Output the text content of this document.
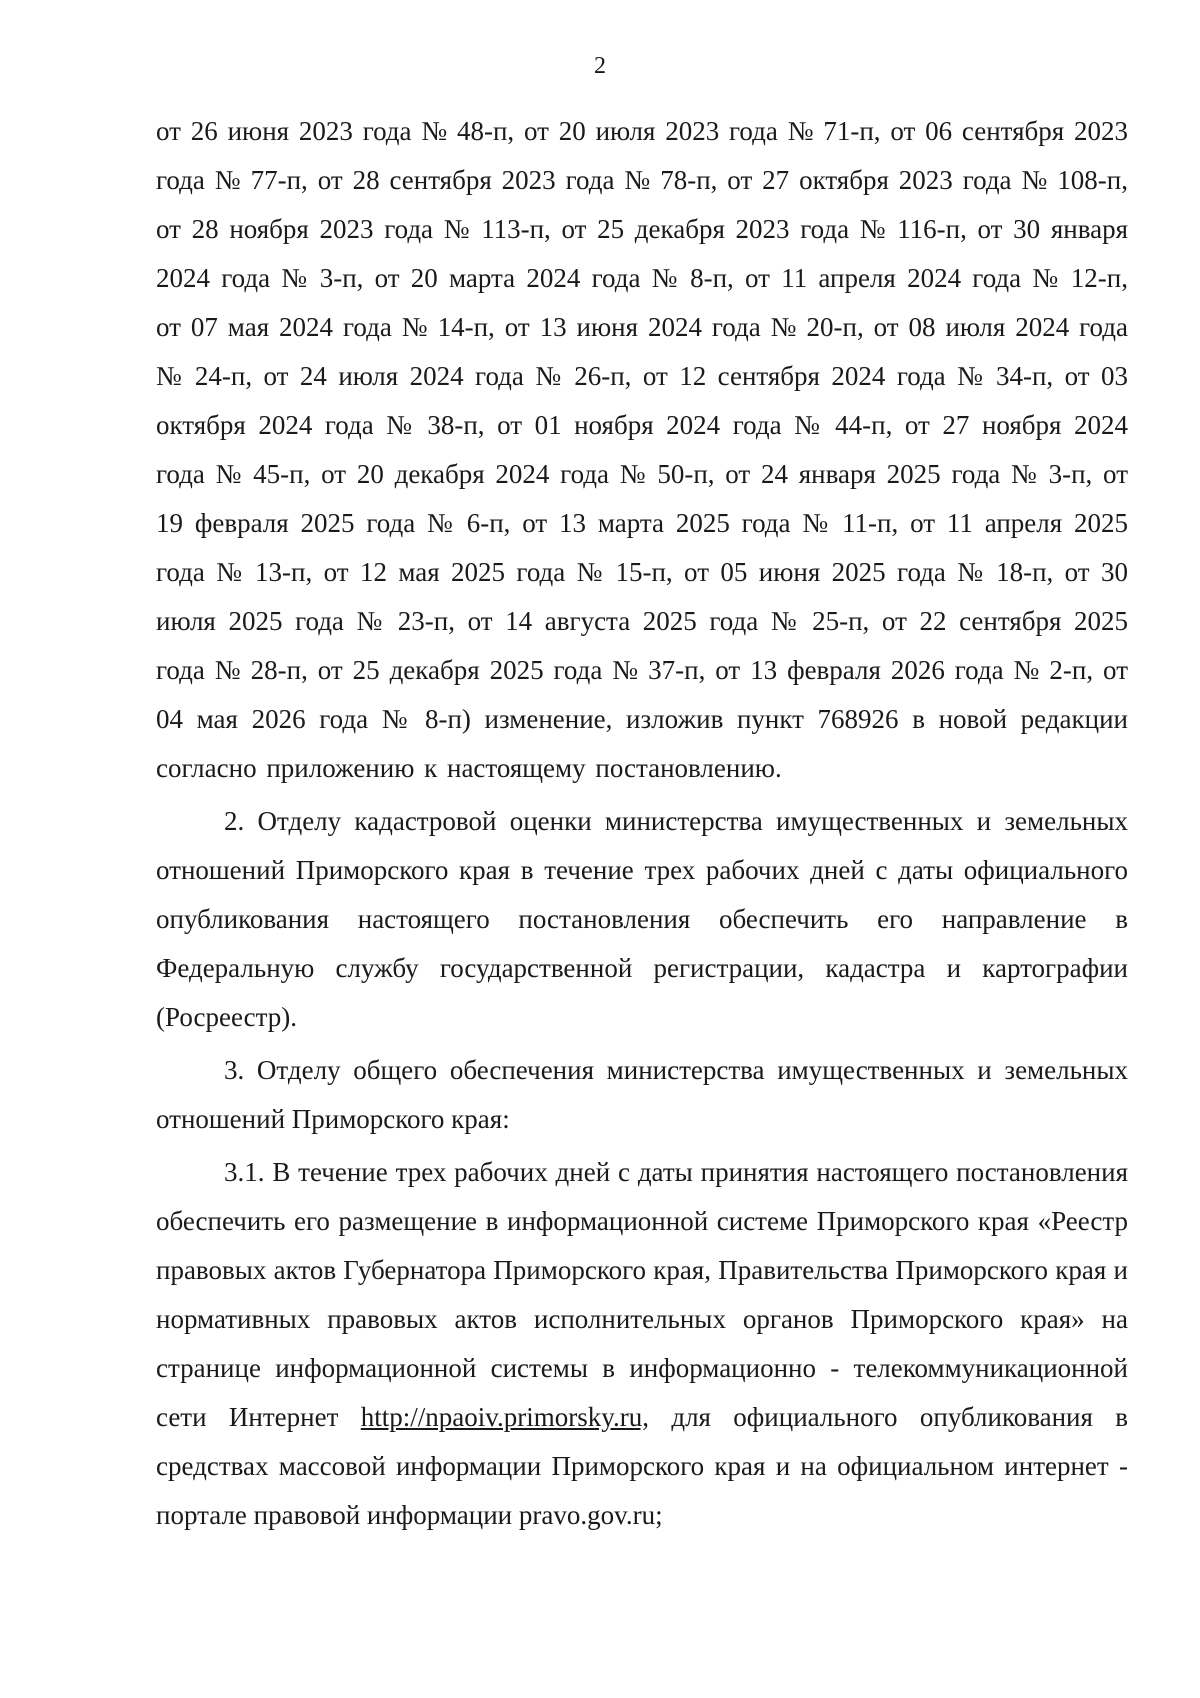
2

от 26 июня 2023 года № 48-п, от 20 июля 2023 года № 71-п, от 06 сентября 2023 года № 77-п, от 28 сентября 2023 года № 78-п, от 27 октября 2023 года № 108-п, от 28 ноября 2023 года № 113-п, от 25 декабря 2023 года № 116-п, от 30 января 2024 года № 3-п, от 20 марта 2024 года № 8-п, от 11 апреля 2024 года № 12-п, от 07 мая 2024 года № 14-п, от 13 июня 2024 года № 20-п, от 08 июля 2024 года № 24-п, от 24 июля 2024 года № 26-п, от 12 сентября 2024 года № 34-п, от 03 октября 2024 года № 38-п, от 01 ноября 2024 года № 44-п, от 27 ноября 2024 года № 45-п, от 20 декабря 2024 года № 50-п, от 24 января 2025 года № 3-п, от 19 февраля 2025 года № 6-п, от 13 марта 2025 года № 11-п, от 11 апреля 2025 года № 13-п, от 12 мая 2025 года № 15-п, от 05 июня 2025 года № 18-п, от 30 июля 2025 года № 23-п, от 14 августа 2025 года № 25-п, от 22 сентября 2025 года № 28-п, от 25 декабря 2025 года № 37-п, от 13 февраля 2026 года № 2-п, от 04 мая 2026 года № 8-п) изменение, изложив пункт 768926 в новой редакции согласно приложению к настоящему постановлению.

2. Отделу кадастровой оценки министерства имущественных и земельных отношений Приморского края в течение трех рабочих дней с даты официального опубликования настоящего постановления обеспечить его направление в Федеральную службу государственной регистрации, кадастра и картографии (Росреестр).

3. Отделу общего обеспечения министерства имущественных и земельных отношений Приморского края:

3.1. В течение трех рабочих дней с даты принятия настоящего постановления обеспечить его размещение в информационной системе Приморского края «Реестр правовых актов Губернатора Приморского края, Правительства Приморского края и нормативных правовых актов исполнительных органов Приморского края» на странице информационной системы в информационно - телекоммуникационной сети Интернет http://npaoiv.primorsky.ru, для официального опубликования в средствах массовой информации Приморского края и на официальном интернет - портале правовой информации pravo.gov.ru;
